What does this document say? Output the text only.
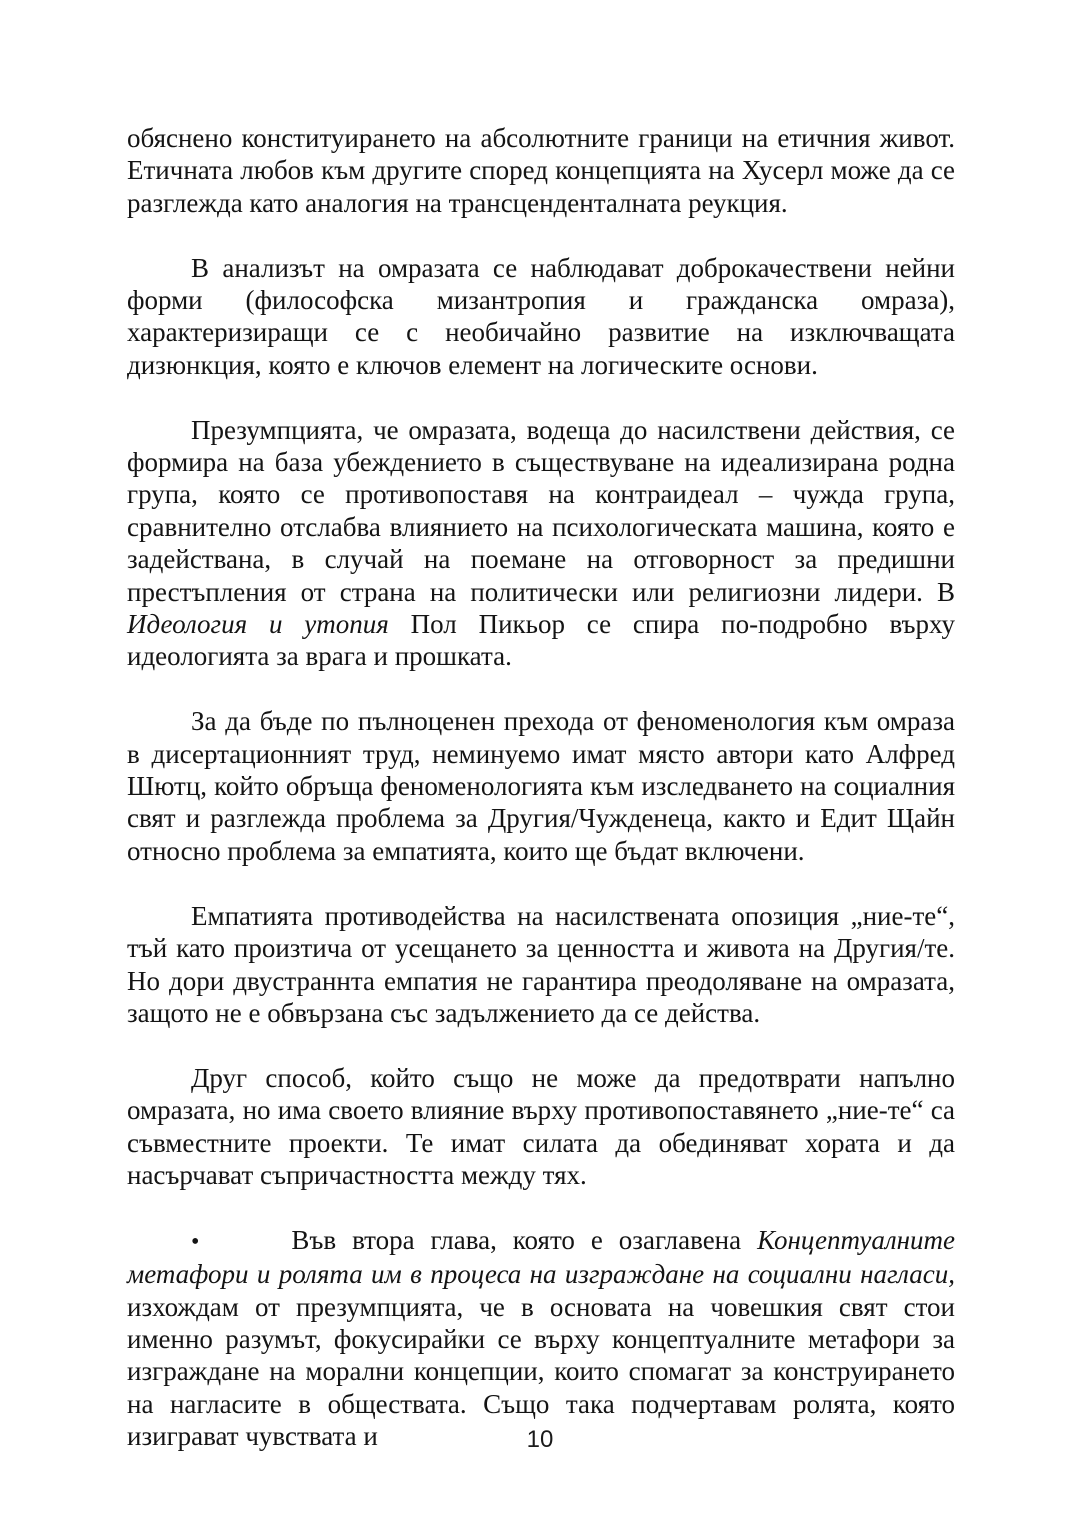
обяснено конституирането на абсолютните граници на етичния живот. Етичната любов към другите според концепцията на Хусерл може да се разглежда като аналогия на трансценденталната реукция.

В анализът на омразата се наблюдават доброкачествени нейни форми (философска мизантропия и гражданска омраза), характеризиращи се с необичайно развитие на изключващата дизюнкция, която е ключов елемент на логическите основи.

Презумпцията, че омразата, водеща до насилствени действия, се формира на база убеждението в съществуване на идеализирана родна група, която се противопоставя на контраидеал – чужда група, сравнително отслабва влиянието на психологическата машина, която е задействана, в случай на поемане на отговорност за предишни престъпления от страна на политически или религиозни лидери. В Идеология и утопия Пол Пикьор се спира по-подробно върху идеологията за врага и прошката.

За да бъде по пълноценен прехода от феноменология към омраза в дисертационният труд, неминуемо имат място автори като Алфред Шютц, който обръща феноменологията към изследването на социалния свят и разглежда проблема за Другия/Чужденеца, както и Едит Щайн относно проблема за емпатията, които ще бъдат включени.

Емпатията противодейства на насилствената опозиция „ние-те“, тъй като произтича от усещането за ценността и живота на Другия/те. Но дори двустраннта емпатия не гарантира преодоляване на омразата, защото не е обвързана със задължението да се действа.

Друг способ, който също не може да предотврати напълно омразата, но има своето влияние върху противопоставянето „ние-те“ са съвместните проекти. Те имат силата да обединяват хората и да насърчават съпричастността между тях.

•	Във втора глава, която е озаглавена Концептуалните метафори и ролята им в процеса на изграждане на социални нагласи, изхождам от презумпцията, че в основата на човешкия свят стои именно разумът, фокусирайки се върху концептуалните метафори за изграждане на морални концепции, които спомагат за конструирането на нагласите в обществата. Също така подчертавам ролята, която изиграват чувствата и	10
